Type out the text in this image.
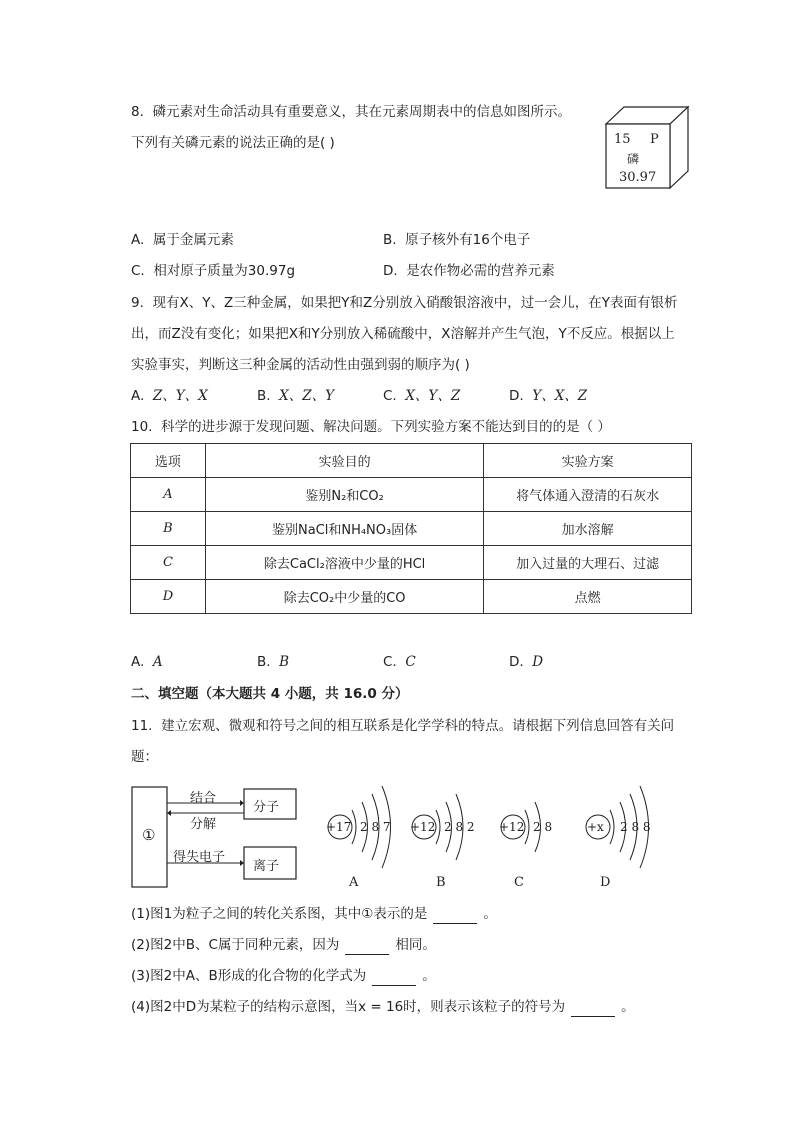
8. 磷元素对生命活动具有重要意义，其在元素周期表中的信息如图所示。
下列有关磷元素的说法正确的是( )	15 P
磷
30.97
A. 属于金属元素	B. 原子核外有16个电子
C. 相对原子质量为30.97g	D. 是农作物必需的营养元素
9. 现有X、Y、Z三种金属，如果把Y和Z分别放入硝酸银溶液中，过一会儿，在Y表面有银析
出，而Z没有变化；如果把X和Y分别放入稀硫酸中，X溶解并产生气泡，Y不反应。根据以上
实验事实，判断这三种金属的活动性由强到弱的顺序为( )
A. Z、Y、X	B. X、Z、Y	C. X、Y、Z	D. Y、X、Z
10. 科学的进步源于发现问题、解决问题。下列实验方案不能达到目的的是（ ）
选项	实验目的	实验方案
A	鉴别N₂和CO₂	将气体通入澄清的石灰水
B	鉴别NaCl和NH₄NO₃固体	加水溶解
C	除去CaCl₂溶液中少量的HCl	加入过量的大理石、过滤
D	除去CO₂中少量的CO	点燃
A. A	B. B	C. C	D. D
二、填空题（本大题共 4 小题，共 16.0 分）
11. 建立宏观、微观和符号之间的相互联系是化学学科的特点。请根据下列信息回答有关问
题：
①
结合
分解
分子
得失电子
离子
+17 2 8 7 +12 2 8 2 +12 2 8	+x 2 8 8
A	B	C	D
(1)图1为粒子之间的转化关系图，其中①表示的是	。
(2)图2中B、C属于同种元素，因为	相同。
(3)图2中A、B形成的化合物的化学式为	。
(4)图2中D为某粒子的结构示意图，当x = 16时，则表示该粒子的符号为	。
